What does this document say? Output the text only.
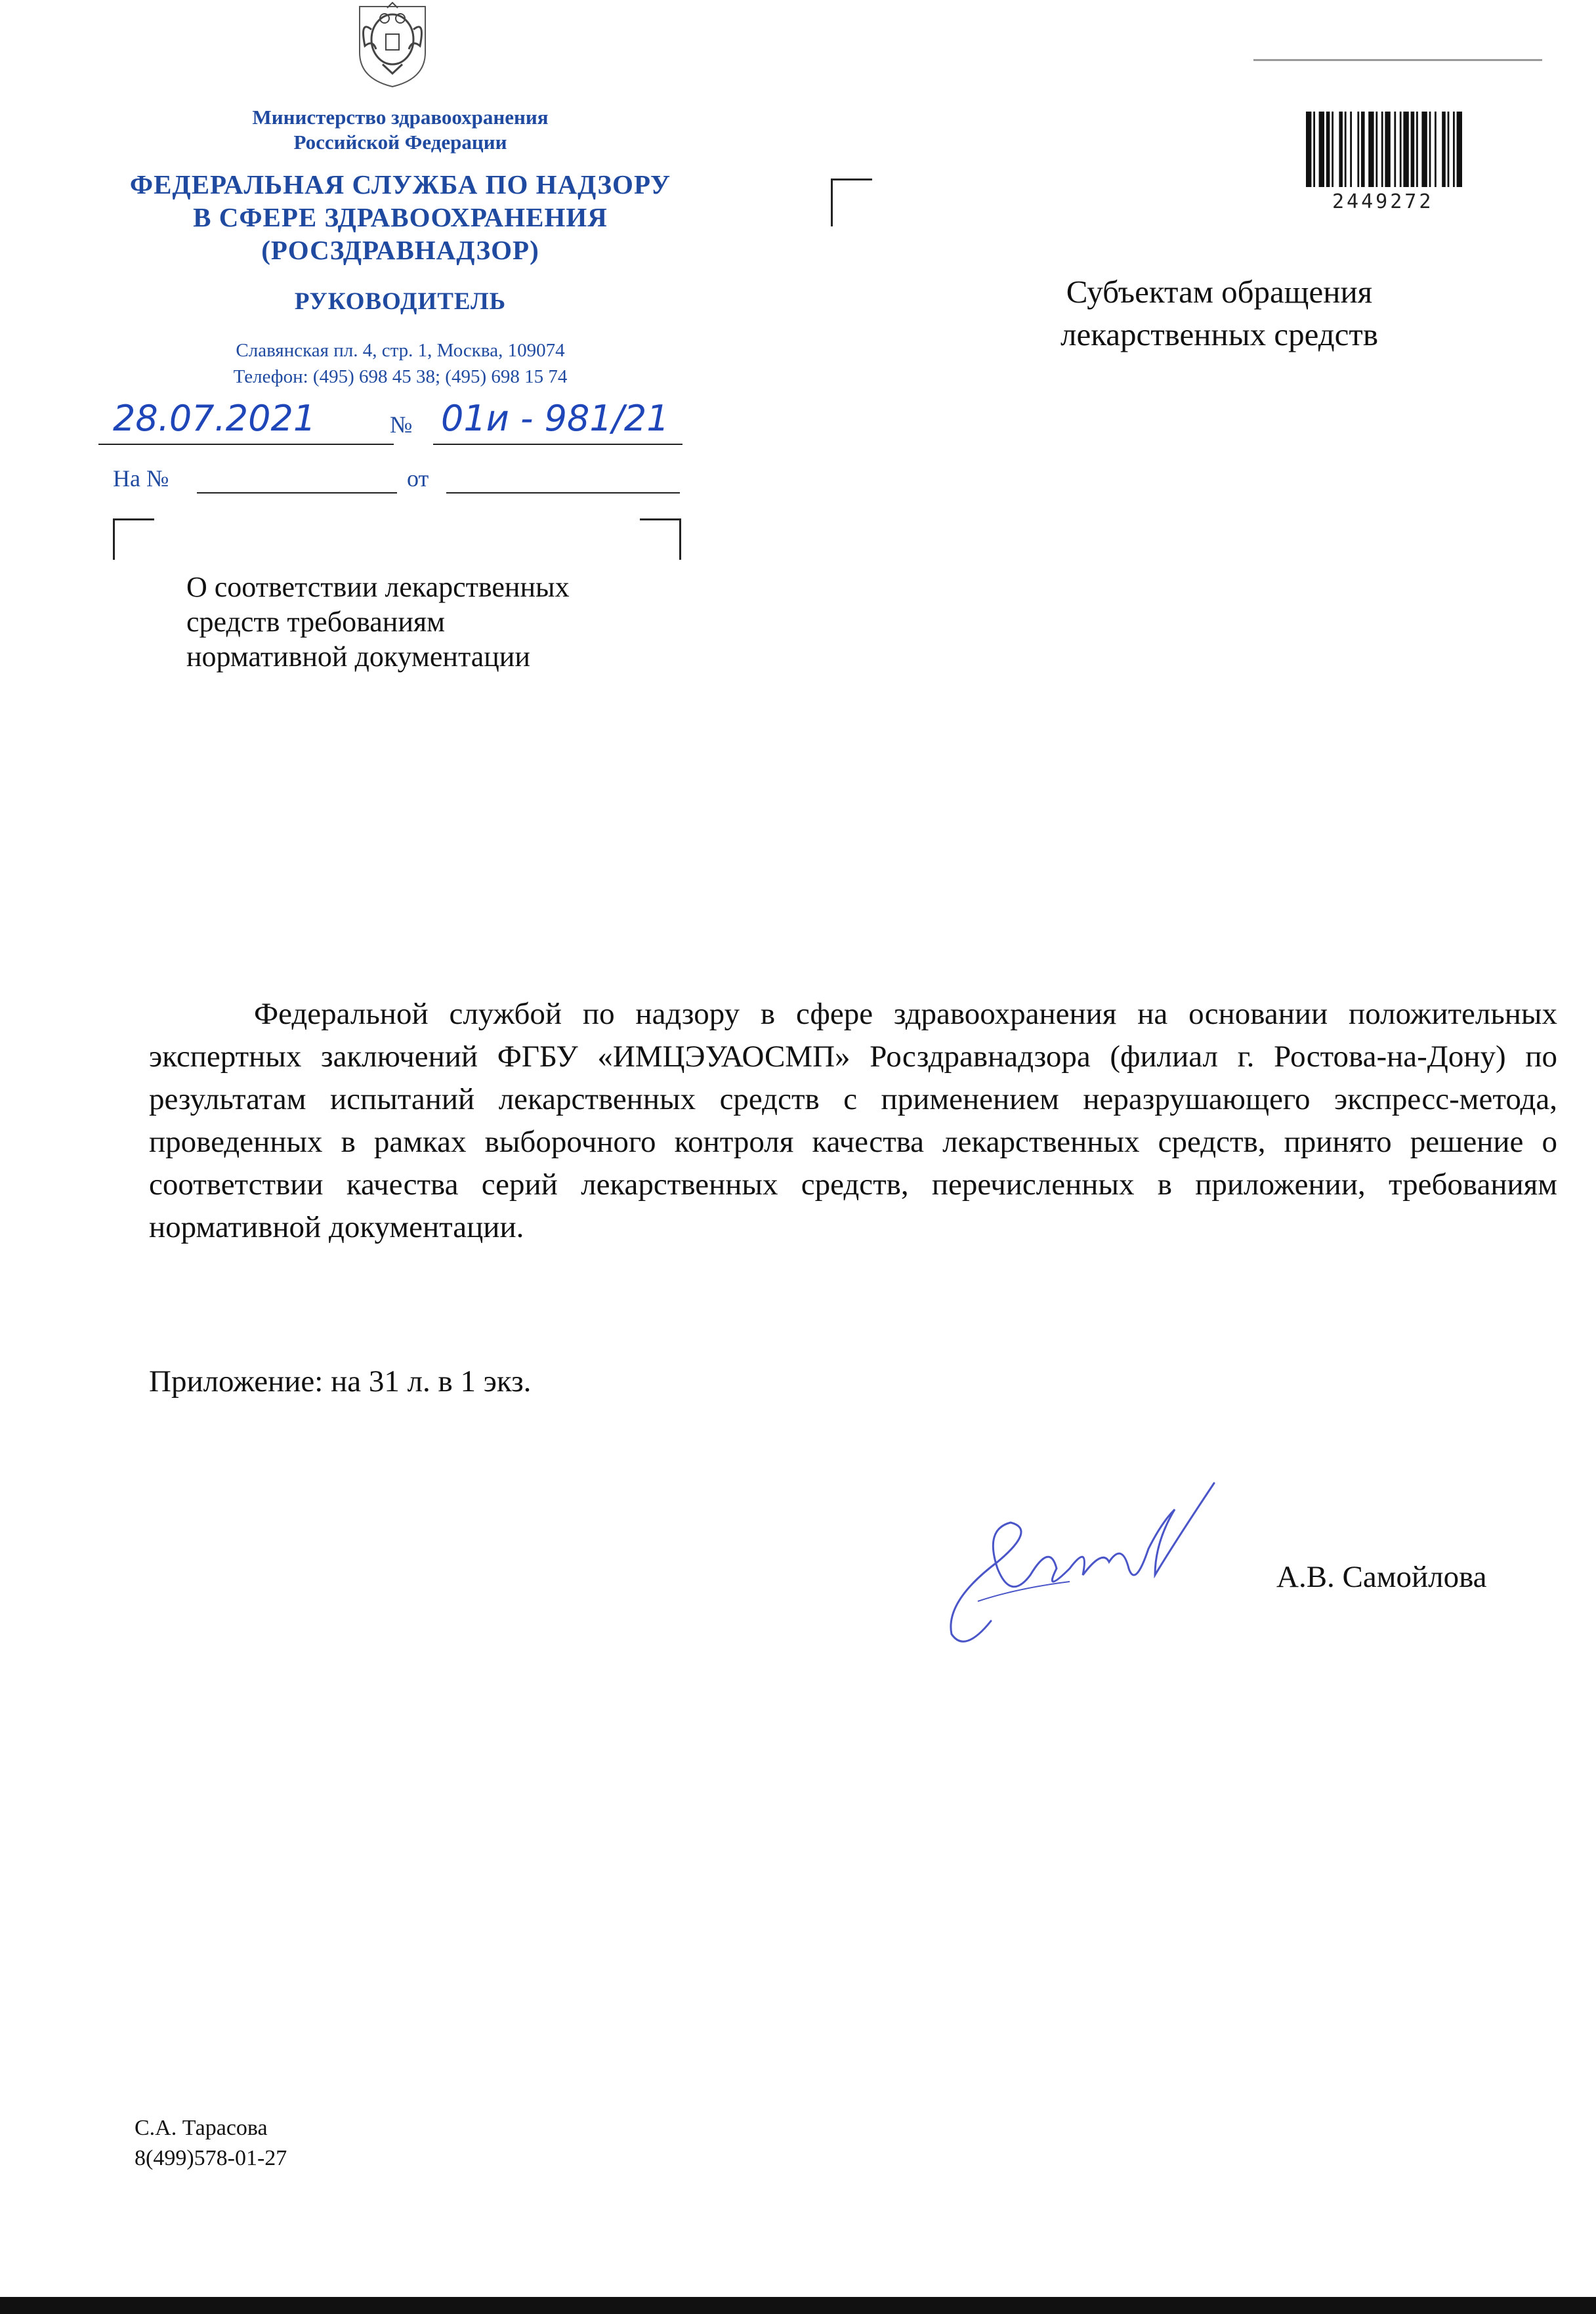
Министерство здравоохранения
Российской Федерации
ФЕДЕРАЛЬНАЯ СЛУЖБА ПО НАДЗОРУ
В СФЕРЕ ЗДРАВООХРАНЕНИЯ
(РОСЗДРАВНАДЗОР)
РУКОВОДИТЕЛЬ
Славянская пл. 4, стр. 1, Москва, 109074
Телефон: (495) 698 45 38; (495) 698 15 74
28.07.2021	№ 01и - 981/21
На №	от
2449272
Субъектам обращения
лекарственных средств
О соответствии лекарственных
средств требованиям
нормативной документации

Федеральной службой по надзору в сфере здравоохранения на основании положительных экспертных заключений ФГБУ «ИМЦЭУАОСМП» Росздравнадзора (филиал г. Ростова-на-Дону) по результатам испытаний лекарственных средств с применением неразрушающего экспресс-метода, проведенных в рамках выборочного контроля качества лекарственных средств, принято решение о соответствии качества серий лекарственных средств, перечисленных в приложении, требованиям нормативной документации.

Приложение: на 31 л. в 1 экз.
А.В. Самойлова
С.А. Тарасова
8(499)578-01-27
